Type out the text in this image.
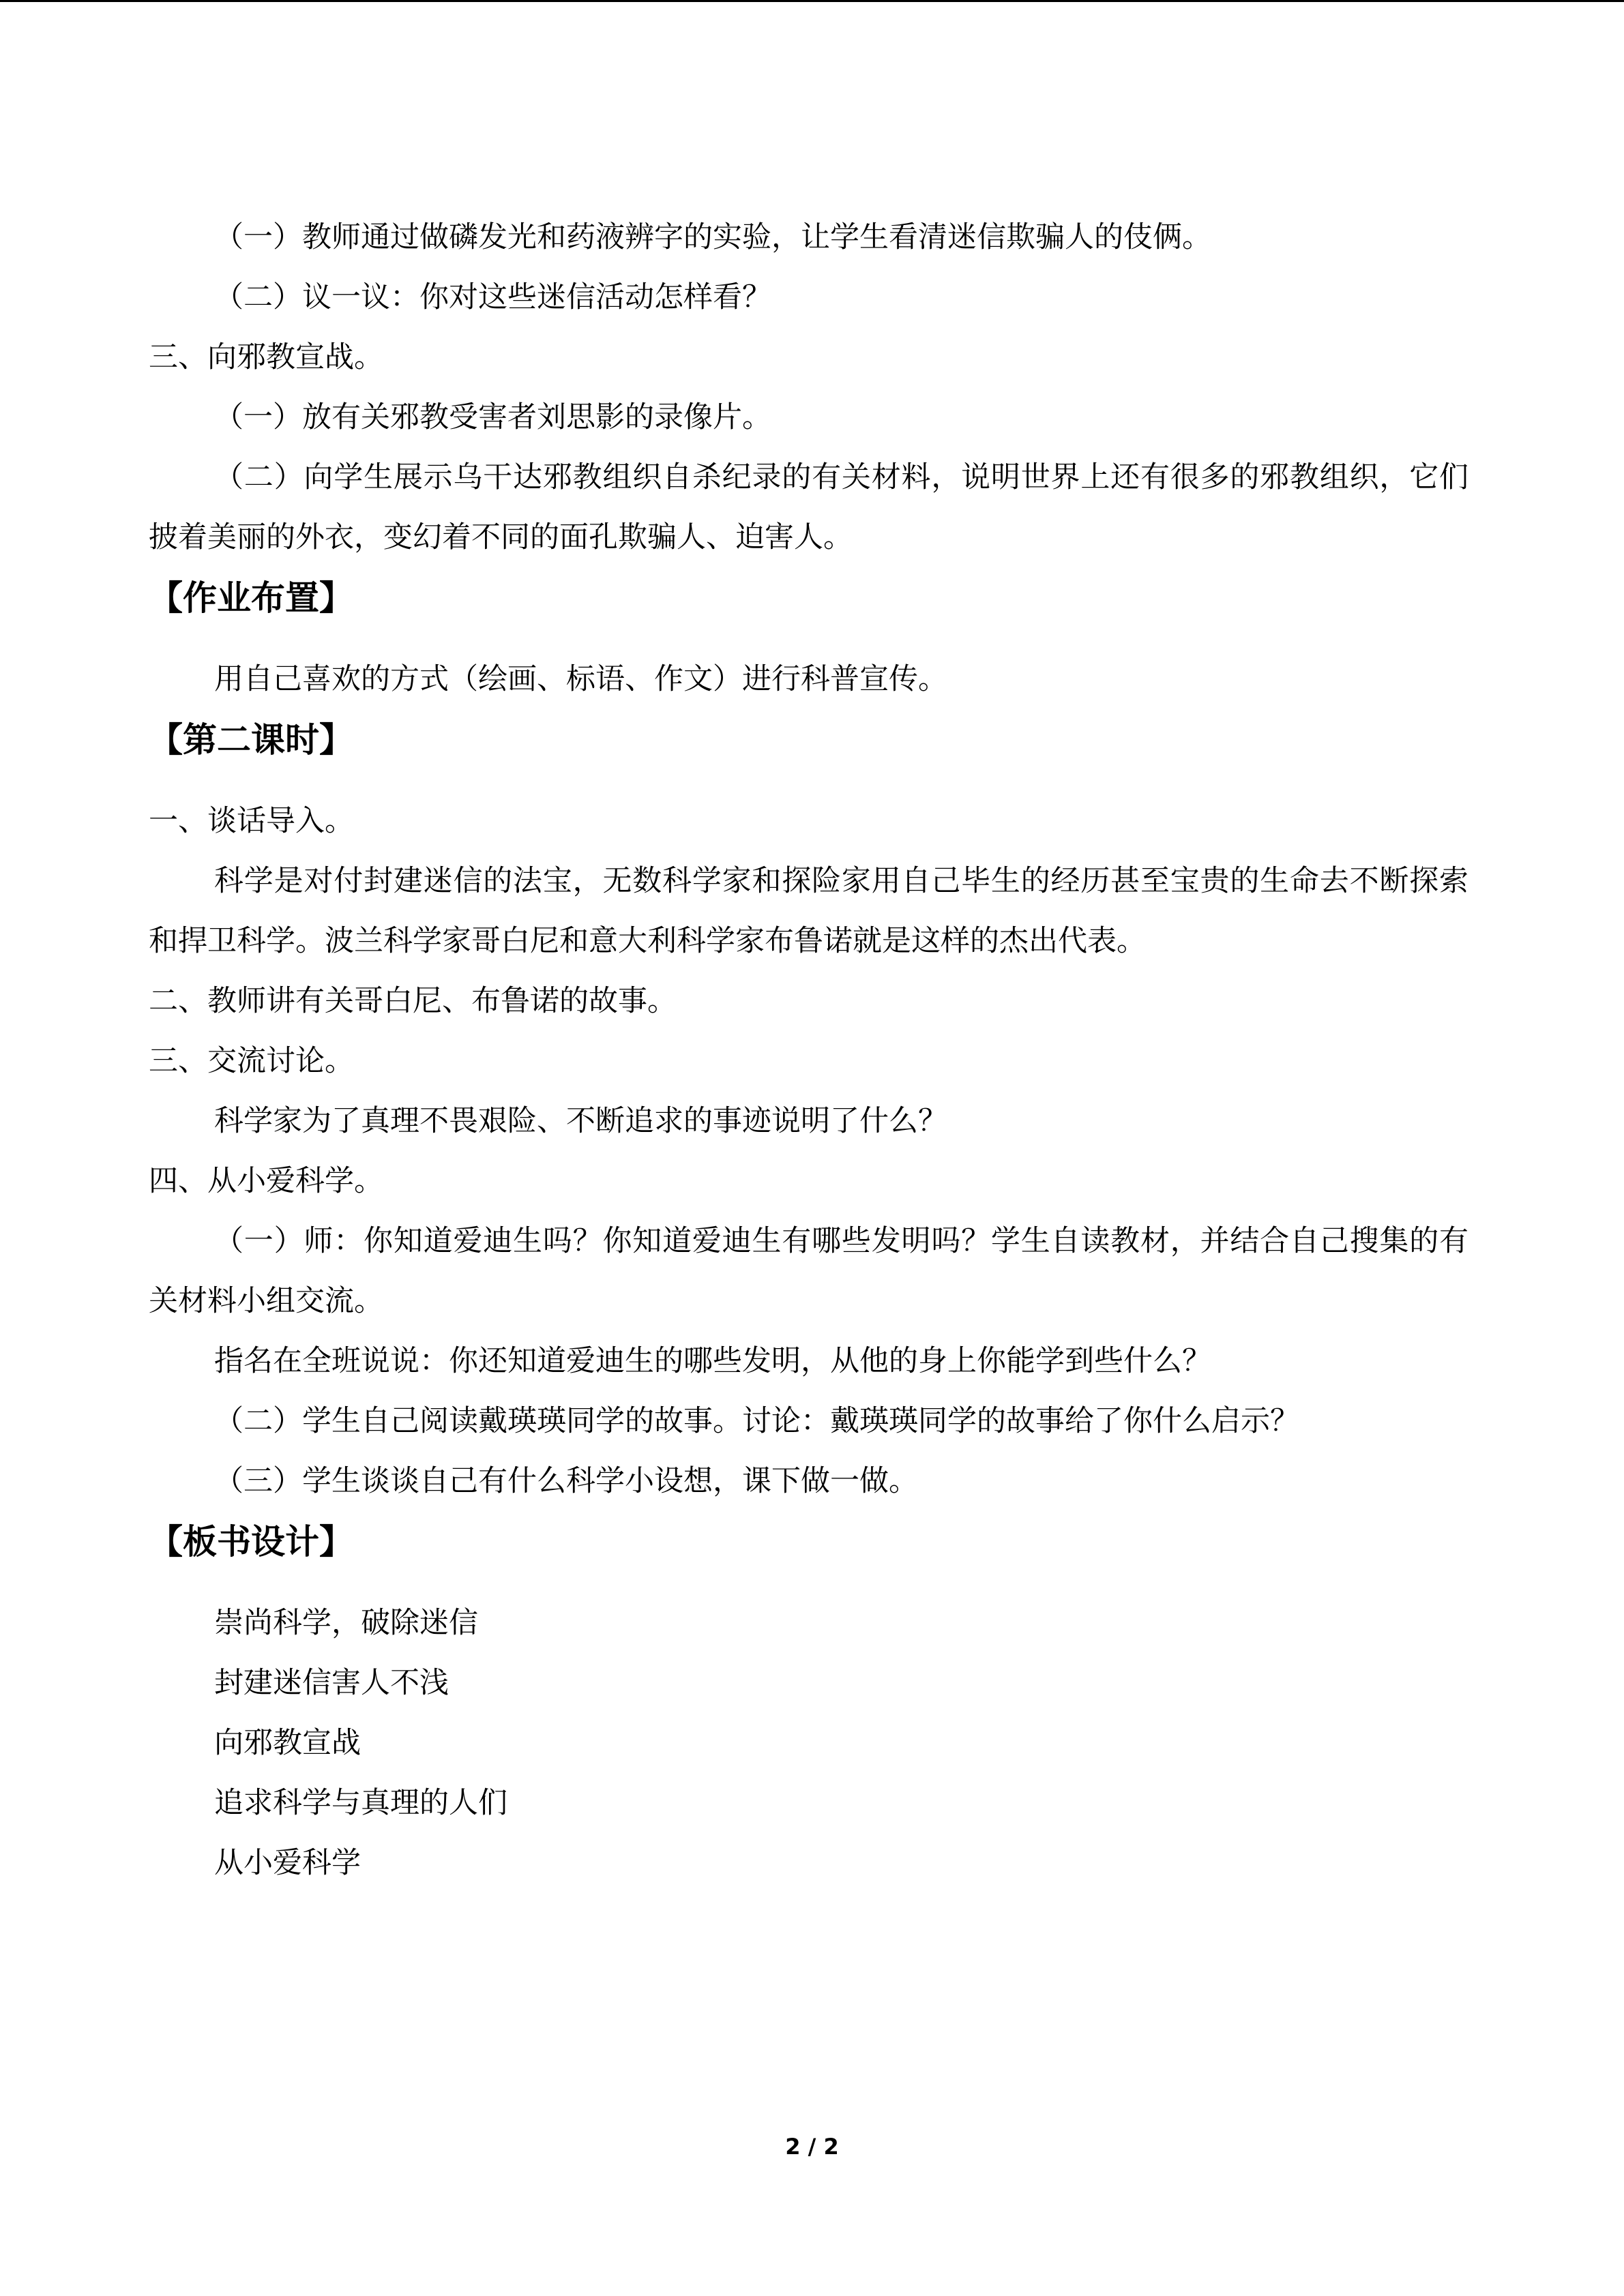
（一）教师通过做磷发光和药液辨字的实验，让学生看清迷信欺骗人的伎俩。

（二）议一议：你对这些迷信活动怎样看？

三、向邪教宣战。

（一）放有关邪教受害者刘思影的录像片。

（二）向学生展示乌干达邪教组织自杀纪录的有关材料，说明世界上还有很多的邪教组织，它们披着美丽的外衣，变幻着不同的面孔欺骗人、迫害人。

【作业布置】

用自己喜欢的方式（绘画、标语、作文）进行科普宣传。

【第二课时】

一、谈话导入。

科学是对付封建迷信的法宝，无数科学家和探险家用自己毕生的经历甚至宝贵的生命去不断探索和捍卫科学。波兰科学家哥白尼和意大利科学家布鲁诺就是这样的杰出代表。

二、教师讲有关哥白尼、布鲁诺的故事。

三、交流讨论。

科学家为了真理不畏艰险、不断追求的事迹说明了什么？

四、从小爱科学。

（一）师：你知道爱迪生吗？你知道爱迪生有哪些发明吗？学生自读教材，并结合自己搜集的有关材料小组交流。

指名在全班说说：你还知道爱迪生的哪些发明，从他的身上你能学到些什么？

（二）学生自己阅读戴瑛瑛同学的故事。讨论：戴瑛瑛同学的故事给了你什么启示？

（三）学生谈谈自己有什么科学小设想，课下做一做。

【板书设计】

崇尚科学，破除迷信

封建迷信害人不浅

向邪教宣战

追求科学与真理的人们

从小爱科学

2 / 2
